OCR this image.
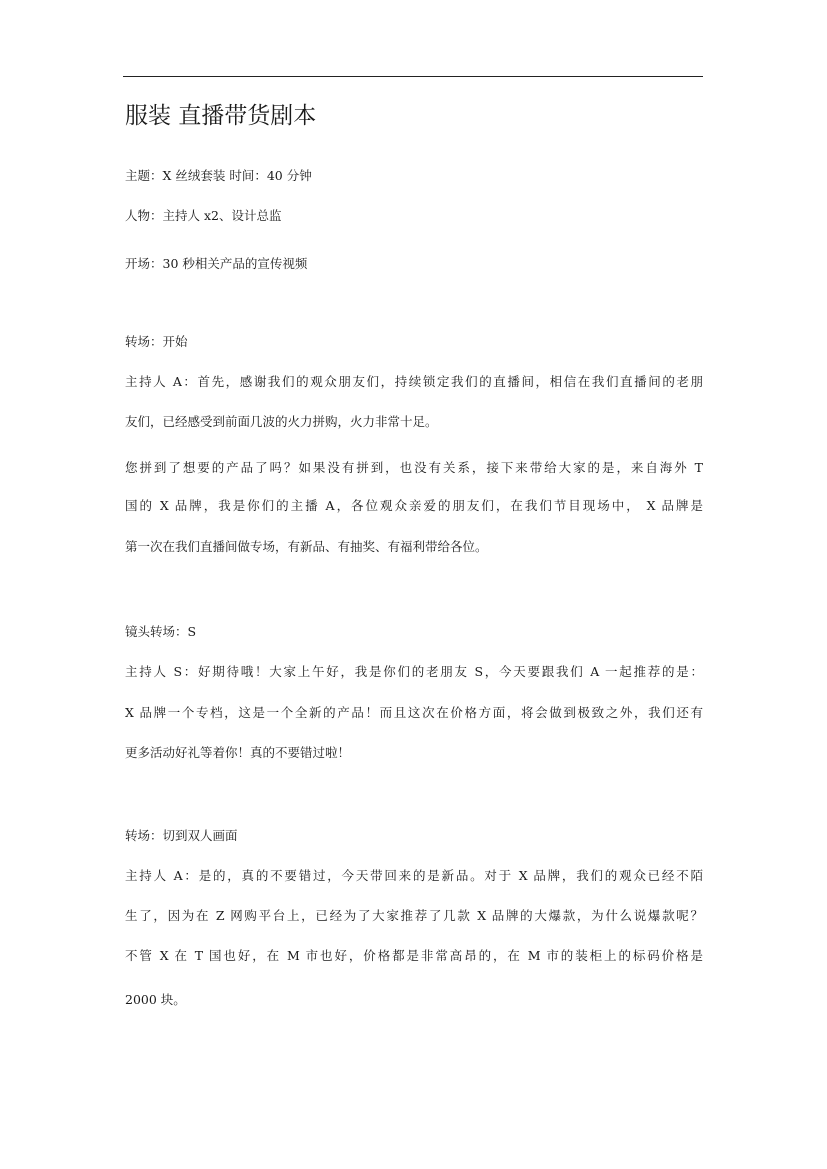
服装 直播带货剧本
主题：X 丝绒套装 时间：40 分钟
人物：主持人 x2、设计总监
开场：30 秒相关产品的宣传视频
转场：开始
主持人 A：首先，感谢我们的观众朋友们，持续锁定我们的直播间，相信在我们直播间的老朋
友们，已经感受到前面几波的火力拼购，火力非常十足。
您拼到了想要的产品了吗？如果没有拼到，也没有关系，接下来带给大家的是，来自海外 T
国的 X 品牌，我是你们的主播 A，各位观众亲爱的朋友们，在我们节目现场中， X 品牌是
第一次在我们直播间做专场，有新品、有抽奖、有福利带给各位。
镜头转场：S
主持人 S：好期待哦！大家上午好，我是你们的老朋友 S，今天要跟我们 A 一起推荐的是：
X 品牌一个专档，这是一个全新的产品！而且这次在价格方面，将会做到极致之外，我们还有
更多活动好礼等着你！真的不要错过啦！
转场：切到双人画面
主持人 A：是的，真的不要错过，今天带回来的是新品。对于 X 品牌，我们的观众已经不陌
生了，因为在 Z 网购平台上，已经为了大家推荐了几款 X 品牌的大爆款，为什么说爆款呢？
不管 X 在 T 国也好，在 M 市也好，价格都是非常高昂的，在 M 市的装柜上的标码价格是
2000 块。
